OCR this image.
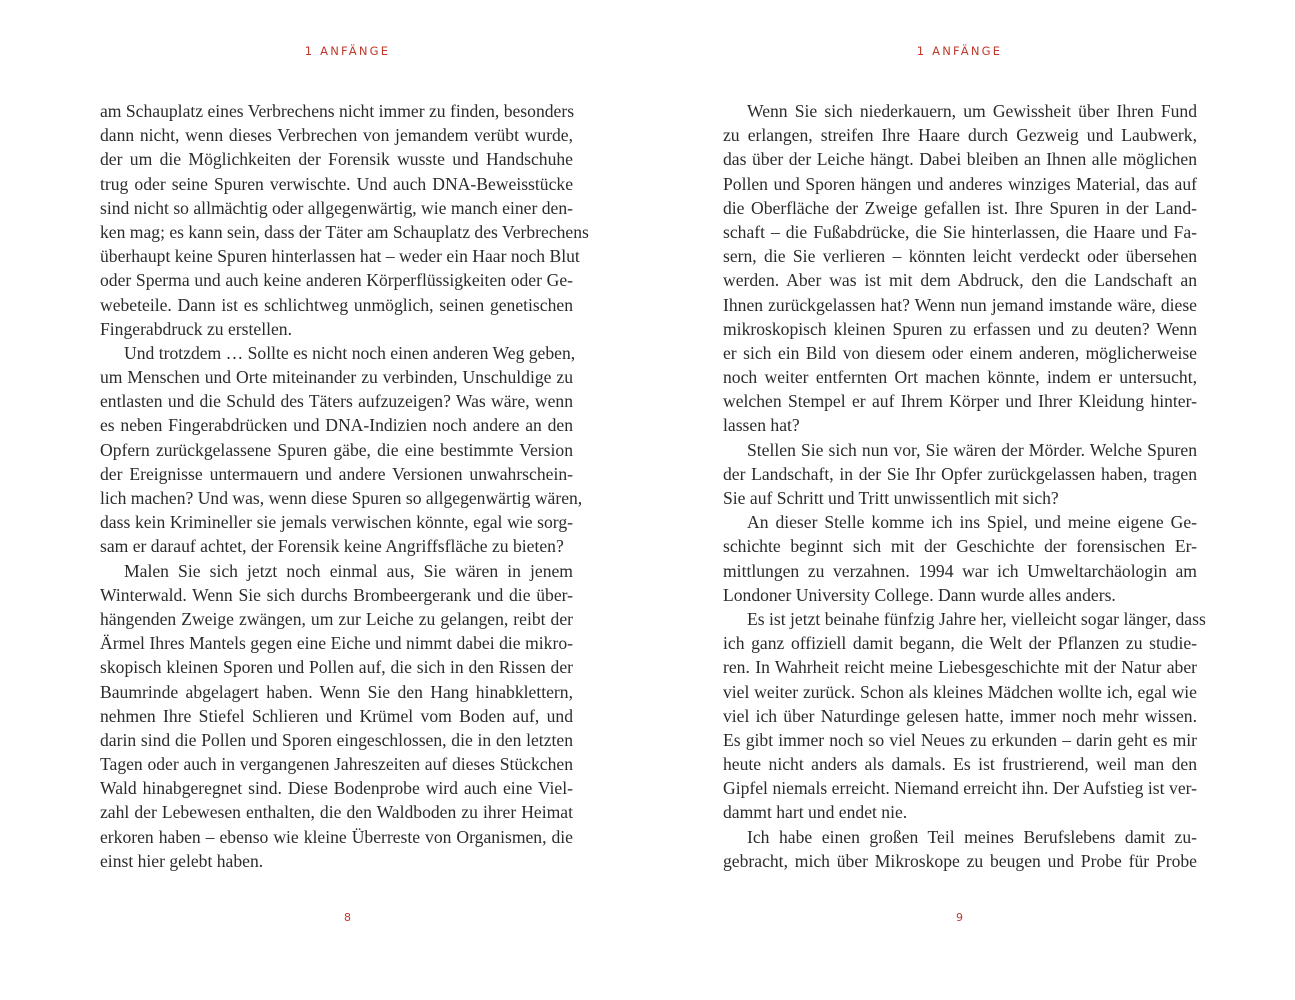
1 ANFÄNGE
am Schauplatz eines Verbrechens nicht immer zu finden, besonders
dann nicht, wenn dieses Verbrechen von jemandem verübt wurde,
der um die Möglichkeiten der Forensik wusste und Handschuhe
trug oder seine Spuren verwischte. Und auch DNA-Beweisstücke
sind nicht so allmächtig oder allgegenwärtig, wie manch einer den-
ken mag; es kann sein, dass der Täter am Schauplatz des Verbrechens
überhaupt keine Spuren hinterlassen hat – weder ein Haar noch Blut
oder Sperma und auch keine anderen Körperflüssigkeiten oder Ge-
webeteile. Dann ist es schlichtweg unmöglich, seinen genetischen
Fingerabdruck zu erstellen.
Und trotzdem … Sollte es nicht noch einen anderen Weg geben,
um Menschen und Orte miteinander zu verbinden, Unschuldige zu
entlasten und die Schuld des Täters aufzuzeigen? Was wäre, wenn
es neben Fingerabdrücken und DNA-Indizien noch andere an den
Opfern zurückgelassene Spuren gäbe, die eine bestimmte Version
der Ereignisse untermauern und andere Versionen unwahrschein-
lich machen? Und was, wenn diese Spuren so allgegenwärtig wären,
dass kein Krimineller sie jemals verwischen könnte, egal wie sorg-
sam er darauf achtet, der Forensik keine Angriffsfläche zu bieten?
Malen Sie sich jetzt noch einmal aus, Sie wären in jenem
Winterwald. Wenn Sie sich durchs Brombeergerank und die über-
hängenden Zweige zwängen, um zur Leiche zu gelangen, reibt der
Ärmel Ihres Mantels gegen eine Eiche und nimmt dabei die mikro-
skopisch kleinen Sporen und Pollen auf, die sich in den Rissen der
Baumrinde abgelagert haben. Wenn Sie den Hang hinabklettern,
nehmen Ihre Stiefel Schlieren und Krümel vom Boden auf, und
darin sind die Pollen und Sporen eingeschlossen, die in den letzten
Tagen oder auch in vergangenen Jahreszeiten auf dieses Stückchen
Wald hinabgeregnet sind. Diese Bodenprobe wird auch eine Viel-
zahl der Lebewesen enthalten, die den Waldboden zu ihrer Heimat
erkoren haben – ebenso wie kleine Überreste von Organismen, die
einst hier gelebt haben.
8
1 ANFÄNGE
Wenn Sie sich niederkauern, um Gewissheit über Ihren Fund
zu erlangen, streifen Ihre Haare durch Gezweig und Laubwerk,
das über der Leiche hängt. Dabei bleiben an Ihnen alle möglichen
Pollen und Sporen hängen und anderes winziges Material, das auf
die Oberfläche der Zweige gefallen ist. Ihre Spuren in der Land-
schaft – die Fußabdrücke, die Sie hinterlassen, die Haare und Fa-
sern, die Sie verlieren – könnten leicht verdeckt oder übersehen
werden. Aber was ist mit dem Abdruck, den die Landschaft an
Ihnen zurückgelassen hat? Wenn nun jemand imstande wäre, diese
mikroskopisch kleinen Spuren zu erfassen und zu deuten? Wenn
er sich ein Bild von diesem oder einem anderen, möglicherweise
noch weiter entfernten Ort machen könnte, indem er untersucht,
welchen Stempel er auf Ihrem Körper und Ihrer Kleidung hinter-
lassen hat?
Stellen Sie sich nun vor, Sie wären der Mörder. Welche Spuren
der Landschaft, in der Sie Ihr Opfer zurückgelassen haben, tragen
Sie auf Schritt und Tritt unwissentlich mit sich?
An dieser Stelle komme ich ins Spiel, und meine eigene Ge-
schichte beginnt sich mit der Geschichte der forensischen Er-
mittlungen zu verzahnen. 1994 war ich Umweltarchäologin am
Londoner University College. Dann wurde alles anders.
Es ist jetzt beinahe fünfzig Jahre her, vielleicht sogar länger, dass
ich ganz offiziell damit begann, die Welt der Pflanzen zu studie-
ren. In Wahrheit reicht meine Liebesgeschichte mit der Natur aber
viel weiter zurück. Schon als kleines Mädchen wollte ich, egal wie
viel ich über Naturdinge gelesen hatte, immer noch mehr wissen.
Es gibt immer noch so viel Neues zu erkunden – darin geht es mir
heute nicht anders als damals. Es ist frustrierend, weil man den
Gipfel niemals erreicht. Niemand erreicht ihn. Der Aufstieg ist ver-
dammt hart und endet nie.
Ich habe einen großen Teil meines Berufslebens damit zu-
gebracht, mich über Mikroskope zu beugen und Probe für Probe
9
